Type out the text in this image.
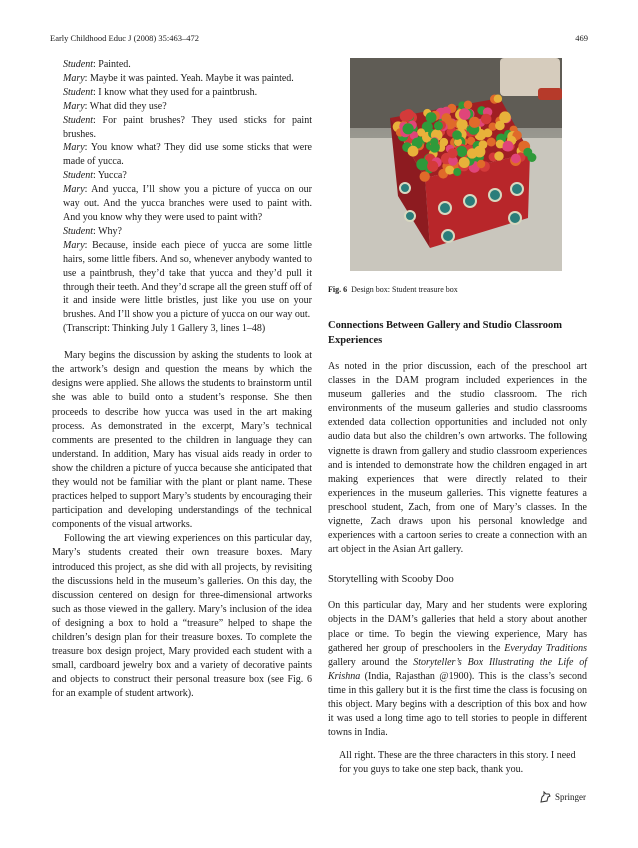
Early Childhood Educ J (2008) 35:463–472	469

Student: Painted.

Mary: Maybe it was painted. Yeah. Maybe it was painted.

Student: I know what they used for a paintbrush.

Mary: What did they use?

Student: For paint brushes? They used sticks for paint brushes.

Mary: You know what? They did use some sticks that were made of yucca.

Student: Yucca?

Mary: And yucca, I’ll show you a picture of yucca on our way out. And the yucca branches were used to paint with. And you know why they were used to paint with?

Student: Why?

Mary: Because, inside each piece of yucca are some little hairs, some little fibers. And so, whenever anybody wanted to use a paintbrush, they’d take that yucca and they’d pull it through their teeth. And they’d scrape all the green stuff off of it and inside were little bristles, just like you use on your brushes. And I’ll show you a picture of yucca on our way out.

(Transcript: Thinking July 1 Gallery 3, lines 1–48)

Mary begins the discussion by asking the students to look at the artwork’s design and question the means by which the designs were applied. She allows the students to brainstorm until she was able to build onto a student’s response. She then proceeds to describe how yucca was used in the art making process. As demonstrated in the excerpt, Mary’s technical comments are presented to the children in language they can understand. In addition, Mary has visual aids ready in order to show the children a picture of yucca because she anticipated that they would not be familiar with the plant or plant name. These practices helped to support Mary’s students by encouraging their participation and developing understandings of the technical components of the visual artworks.

Following the art viewing experiences on this particular day, Mary’s students created their own treasure boxes. Mary introduced this project, as she did with all projects, by revisiting the discussions held in the museum’s galleries. On this day, the discussion centered on design for three-dimensional artworks such as those viewed in the gallery. Mary’s inclusion of the idea of designing a box to hold a “treasure” helped to shape the children’s design plan for their treasure boxes. To complete the treasure box design project, Mary provided each student with a small, cardboard jewelry box and a variety of decorative paints and objects to construct their personal treasure box (see Fig. 6 for an example of student artwork).

Fig. 6 Design box: Student treasure box
Connections Between Gallery and Studio Classroom Experiences

As noted in the prior discussion, each of the preschool art classes in the DAM program included experiences in the museum galleries and the studio classroom. The rich environments of the museum galleries and studio classrooms extended data collection opportunities and included not only audio data but also the children’s own artworks. The following vignette is drawn from gallery and studio classroom experiences and is intended to demonstrate how the children engaged in art making experiences that were directly related to their experiences in the museum galleries. This vignette features a preschool student, Zach, from one of Mary’s classes. In the vignette, Zach draws upon his personal knowledge and experiences with a cartoon series to create a connection with an art object in the Asian Art gallery.

Storytelling with Scooby Doo

On this particular day, Mary and her students were exploring objects in the DAM’s galleries that held a story about another place or time. To begin the viewing experience, Mary has gathered her group of preschoolers in the Everyday Traditions gallery around the Storyteller’s Box Illustrating the Life of Krishna (India, Rajasthan @1900). This is the class’s second time in this gallery but it is the first time the class is focusing on this object. Mary begins with a description of this box and how it was used a long time ago to tell stories to people in different towns in India.

All right. These are the three characters in this story. I need for you guys to take one step back, thank you.
Springer
